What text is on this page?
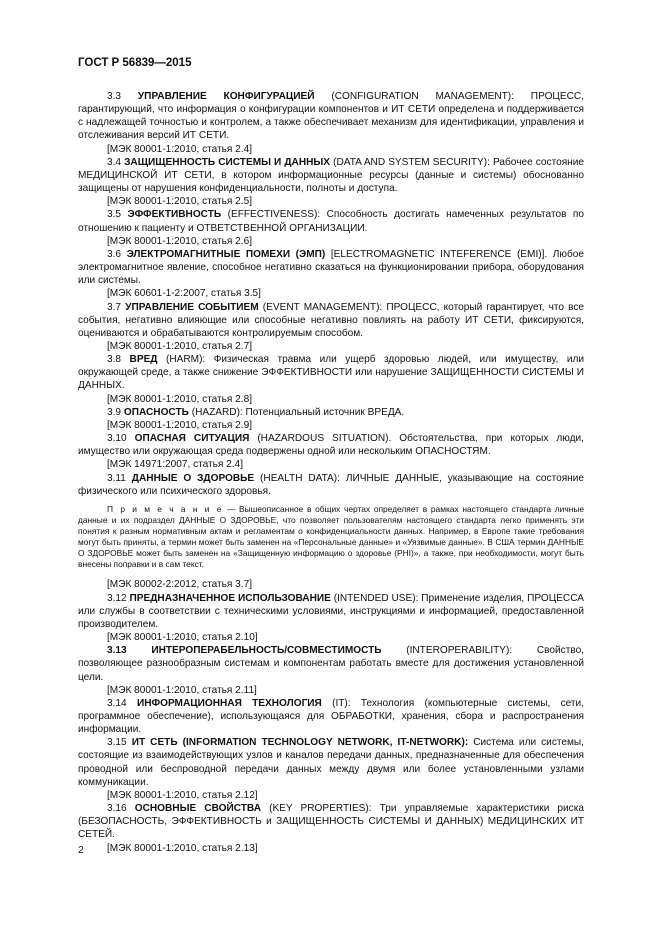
ГОСТ Р 56839—2015

3.3 УПРАВЛЕНИЕ КОНФИГУРАЦИЕЙ (CONFIGURATION MANAGEMENT): ПРОЦЕСС, гарантирующий, что информация о конфигурации компонентов и ИТ СЕТИ определена и поддерживается с надлежащей точностью и контролем, а также обеспечивает механизм для идентификации, управления и отслеживания версий ИТ СЕТИ.

[МЭК 80001-1:2010, статья 2.4]

3.4 ЗАЩИЩЕННОСТЬ СИСТЕМЫ И ДАННЫХ (DATA AND SYSTEM SECURITY): Рабочее состояние МЕДИЦИНСКОЙ ИТ СЕТИ, в котором информационные ресурсы (данные и системы) обоснованно защищены от нарушения конфиденциальности, полноты и доступа.

[МЭК 80001-1:2010, статья 2.5]

3.5 ЭФФЕКТИВНОСТЬ (EFFECTIVENESS): Способность достигать намеченных результатов по отношению к пациенту и ОТВЕТСТВЕННОЙ ОРГАНИЗАЦИИ.

[МЭК 80001-1:2010, статья 2.6]

3.6 ЭЛЕКТРОМАГНИТНЫЕ ПОМЕХИ (ЭМП) [ELECTROMAGNETIC INTEFERENCE (EMI)]. Любое электромагнитное явление, способное негативно сказаться на функционировании прибора, оборудования или системы.

[МЭК 60601-1-2:2007, статья 3.5]

3.7 УПРАВЛЕНИЕ СОБЫТИЕМ (EVENT MANAGEMENT): ПРОЦЕСС, который гарантирует, что все события, негативно влияющие или способные негативно повлиять на работу ИТ СЕТИ, фиксируются, оцениваются и обрабатываются контролируемым способом.

[МЭК 80001-1:2010, статья 2.7]

3.8 ВРЕД (HARM): Физическая травма или ущерб здоровью людей, или имуществу, или окружающей среде, а также снижение ЭФФЕКТИВНОСТИ или нарушение ЗАЩИЩЕННОСТИ СИСТЕМЫ И ДАННЫХ.

[МЭК 80001-1:2010, статья 2.8]

3.9 ОПАСНОСТЬ (HAZARD): Потенциальный источник ВРЕДА.

[МЭК 80001-1:2010, статья 2.9]

3.10 ОПАСНАЯ СИТУАЦИЯ (HAZARDOUS SITUATION). Обстоятельства, при которых люди, имущество или окружающая среда подвержены одной или нескольким ОПАСНОСТЯМ.

[МЭК 14971:2007, статья 2.4]

3.11 ДАННЫЕ О ЗДОРОВЬЕ (HEALTH DATA): ЛИЧНЫЕ ДАННЫЕ, указывающие на состояние физического или психического здоровья.

П р и м е ч а н и е — Вышеописанное в общих чертах определяет в рамках настоящего стандарта личные данные и их подраздел ДАННЫЕ О ЗДОРОВЬЕ, что позволяет пользователям настоящего стандарта легко применять эти понятия к разным нормативным актам и регламентам о конфиденциальности данных. Например, в Европе такие требования могут быть приняты, а термин может быть заменен на «Персональные данные» и «Уязвимые данные». В США термин ДАННЫЕ О ЗДОРОВЬЕ может быть заменен на «Защищенную информацию о здоровье (PHI)», а также, при необходимости, могут быть внесены поправки и в сам текст.

[МЭК 80002-2:2012, статья 3.7]

3.12 ПРЕДНАЗНАЧЕННОЕ ИСПОЛЬЗОВАНИЕ (INTENDED USE): Применение изделия, ПРОЦЕССА или службы в соответствии с техническими условиями, инструкциями и информацией, предоставленной производителем.

[МЭК 80001-1:2010, статья 2.10]

3.13 ИНТЕРОПЕРАБЕЛЬНОСТЬ/СОВМЕСТИМОСТЬ (INTEROPERABILITY): Свойство, позволяющее разнообразным системам и компонентам работать вместе для достижения установленной цели.

[МЭК 80001-1:2010, статья 2.11]

3.14 ИНФОРМАЦИОННАЯ ТЕХНОЛОГИЯ (IT): Технология (компьютерные системы, сети, программное обеспечение), использующаяся для ОБРАБОТКИ, хранения, сбора и распространения информации.

3.15 ИТ СЕТЬ (INFORMATION TECHNOLOGY NETWORK, IT-NETWORK): Система или системы, состоящие из взаимодействующих узлов и каналов передачи данных, предназначенные для обеспечения проводной или беспроводной передачи данных между двумя или более установленными узлами коммуникации.

[МЭК 80001-1:2010, статья 2.12]

3.16 ОСНОВНЫЕ СВОЙСТВА (KEY PROPERTIES): Три управляемые характеристики риска (БЕЗОПАСНОСТЬ, ЭФФЕКТИВНОСТЬ и ЗАЩИЩЕННОСТЬ СИСТЕМЫ И ДАННЫХ) МЕДИЦИНСКИХ ИТ СЕТЕЙ.

[МЭК 80001-1:2010, статья 2.13]

2
